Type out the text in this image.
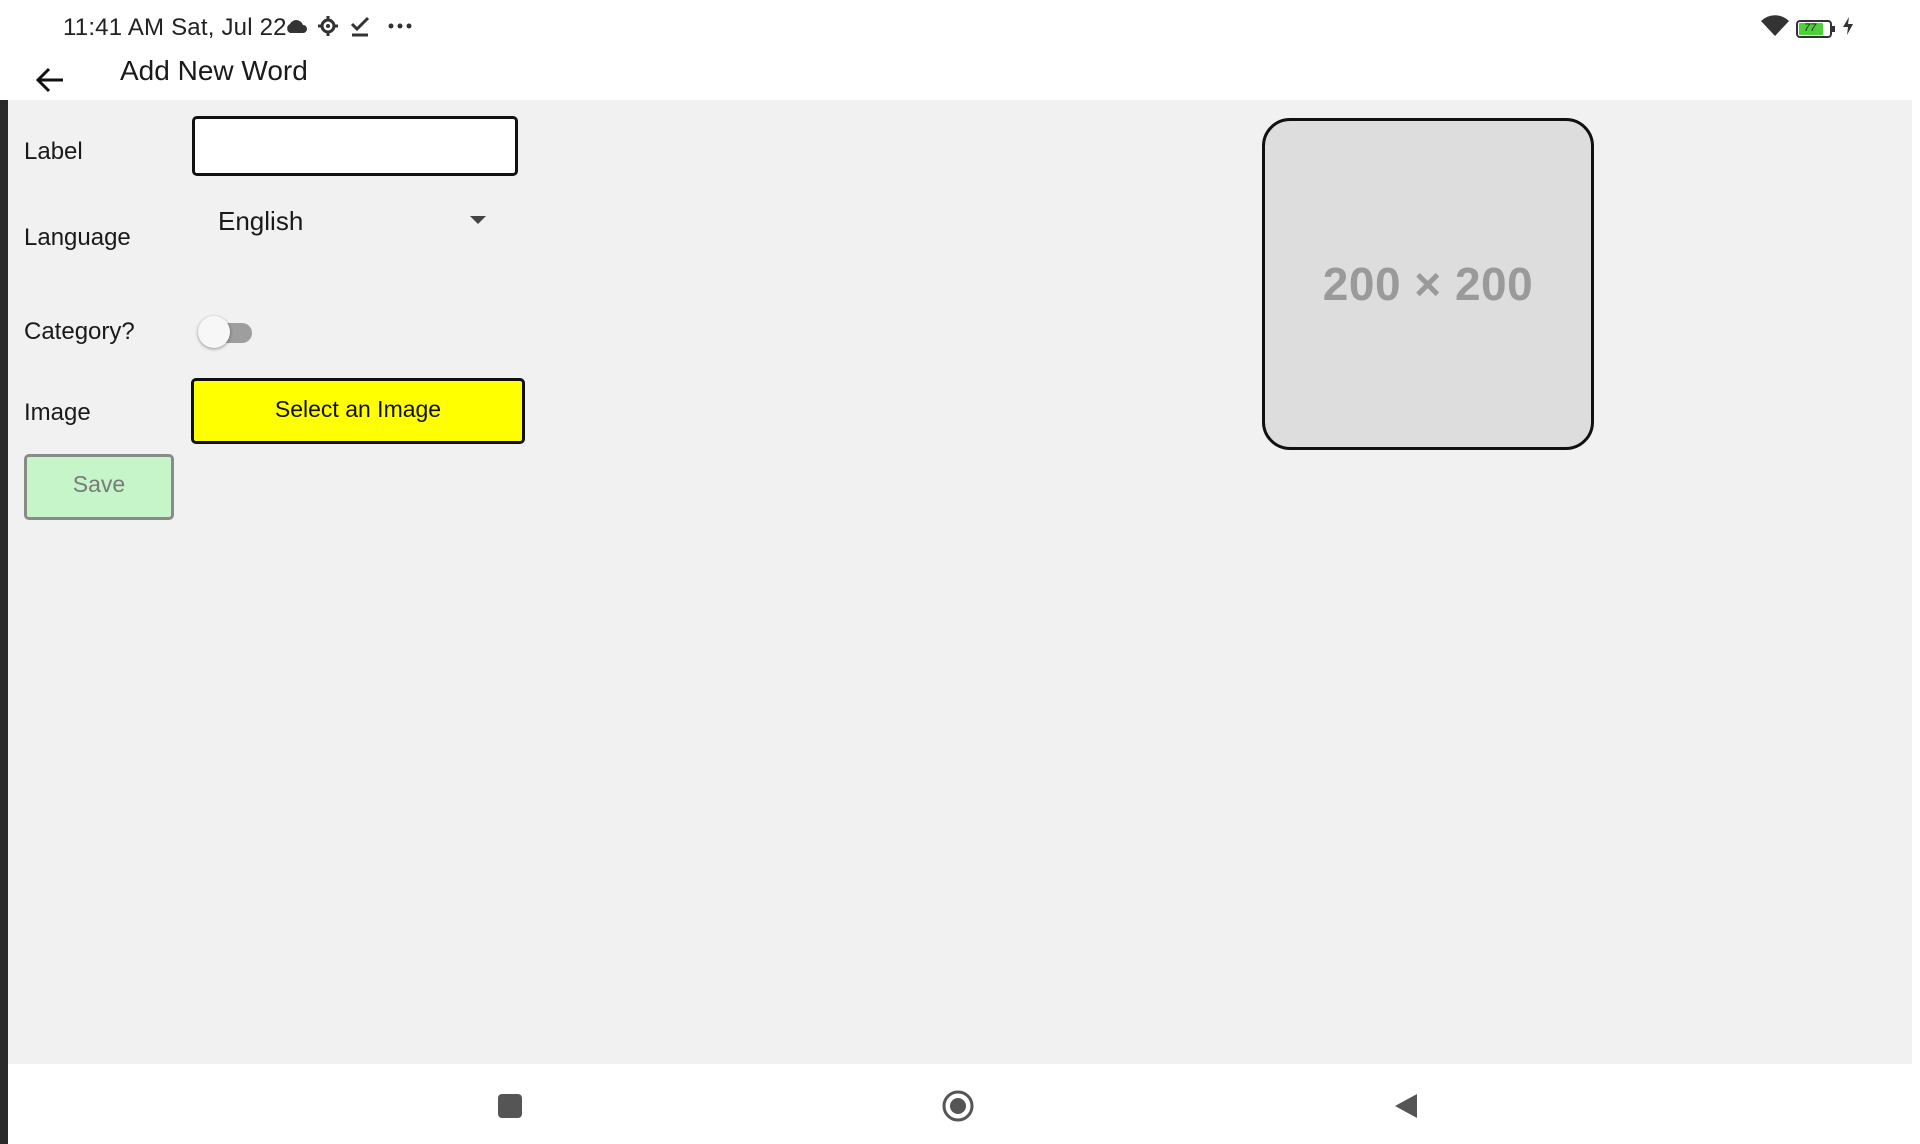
11:41 AM Sat, Jul 22	77
Add New Word
Label
Language
English
Category?
Image	Select an Image
Save
200 × 200
